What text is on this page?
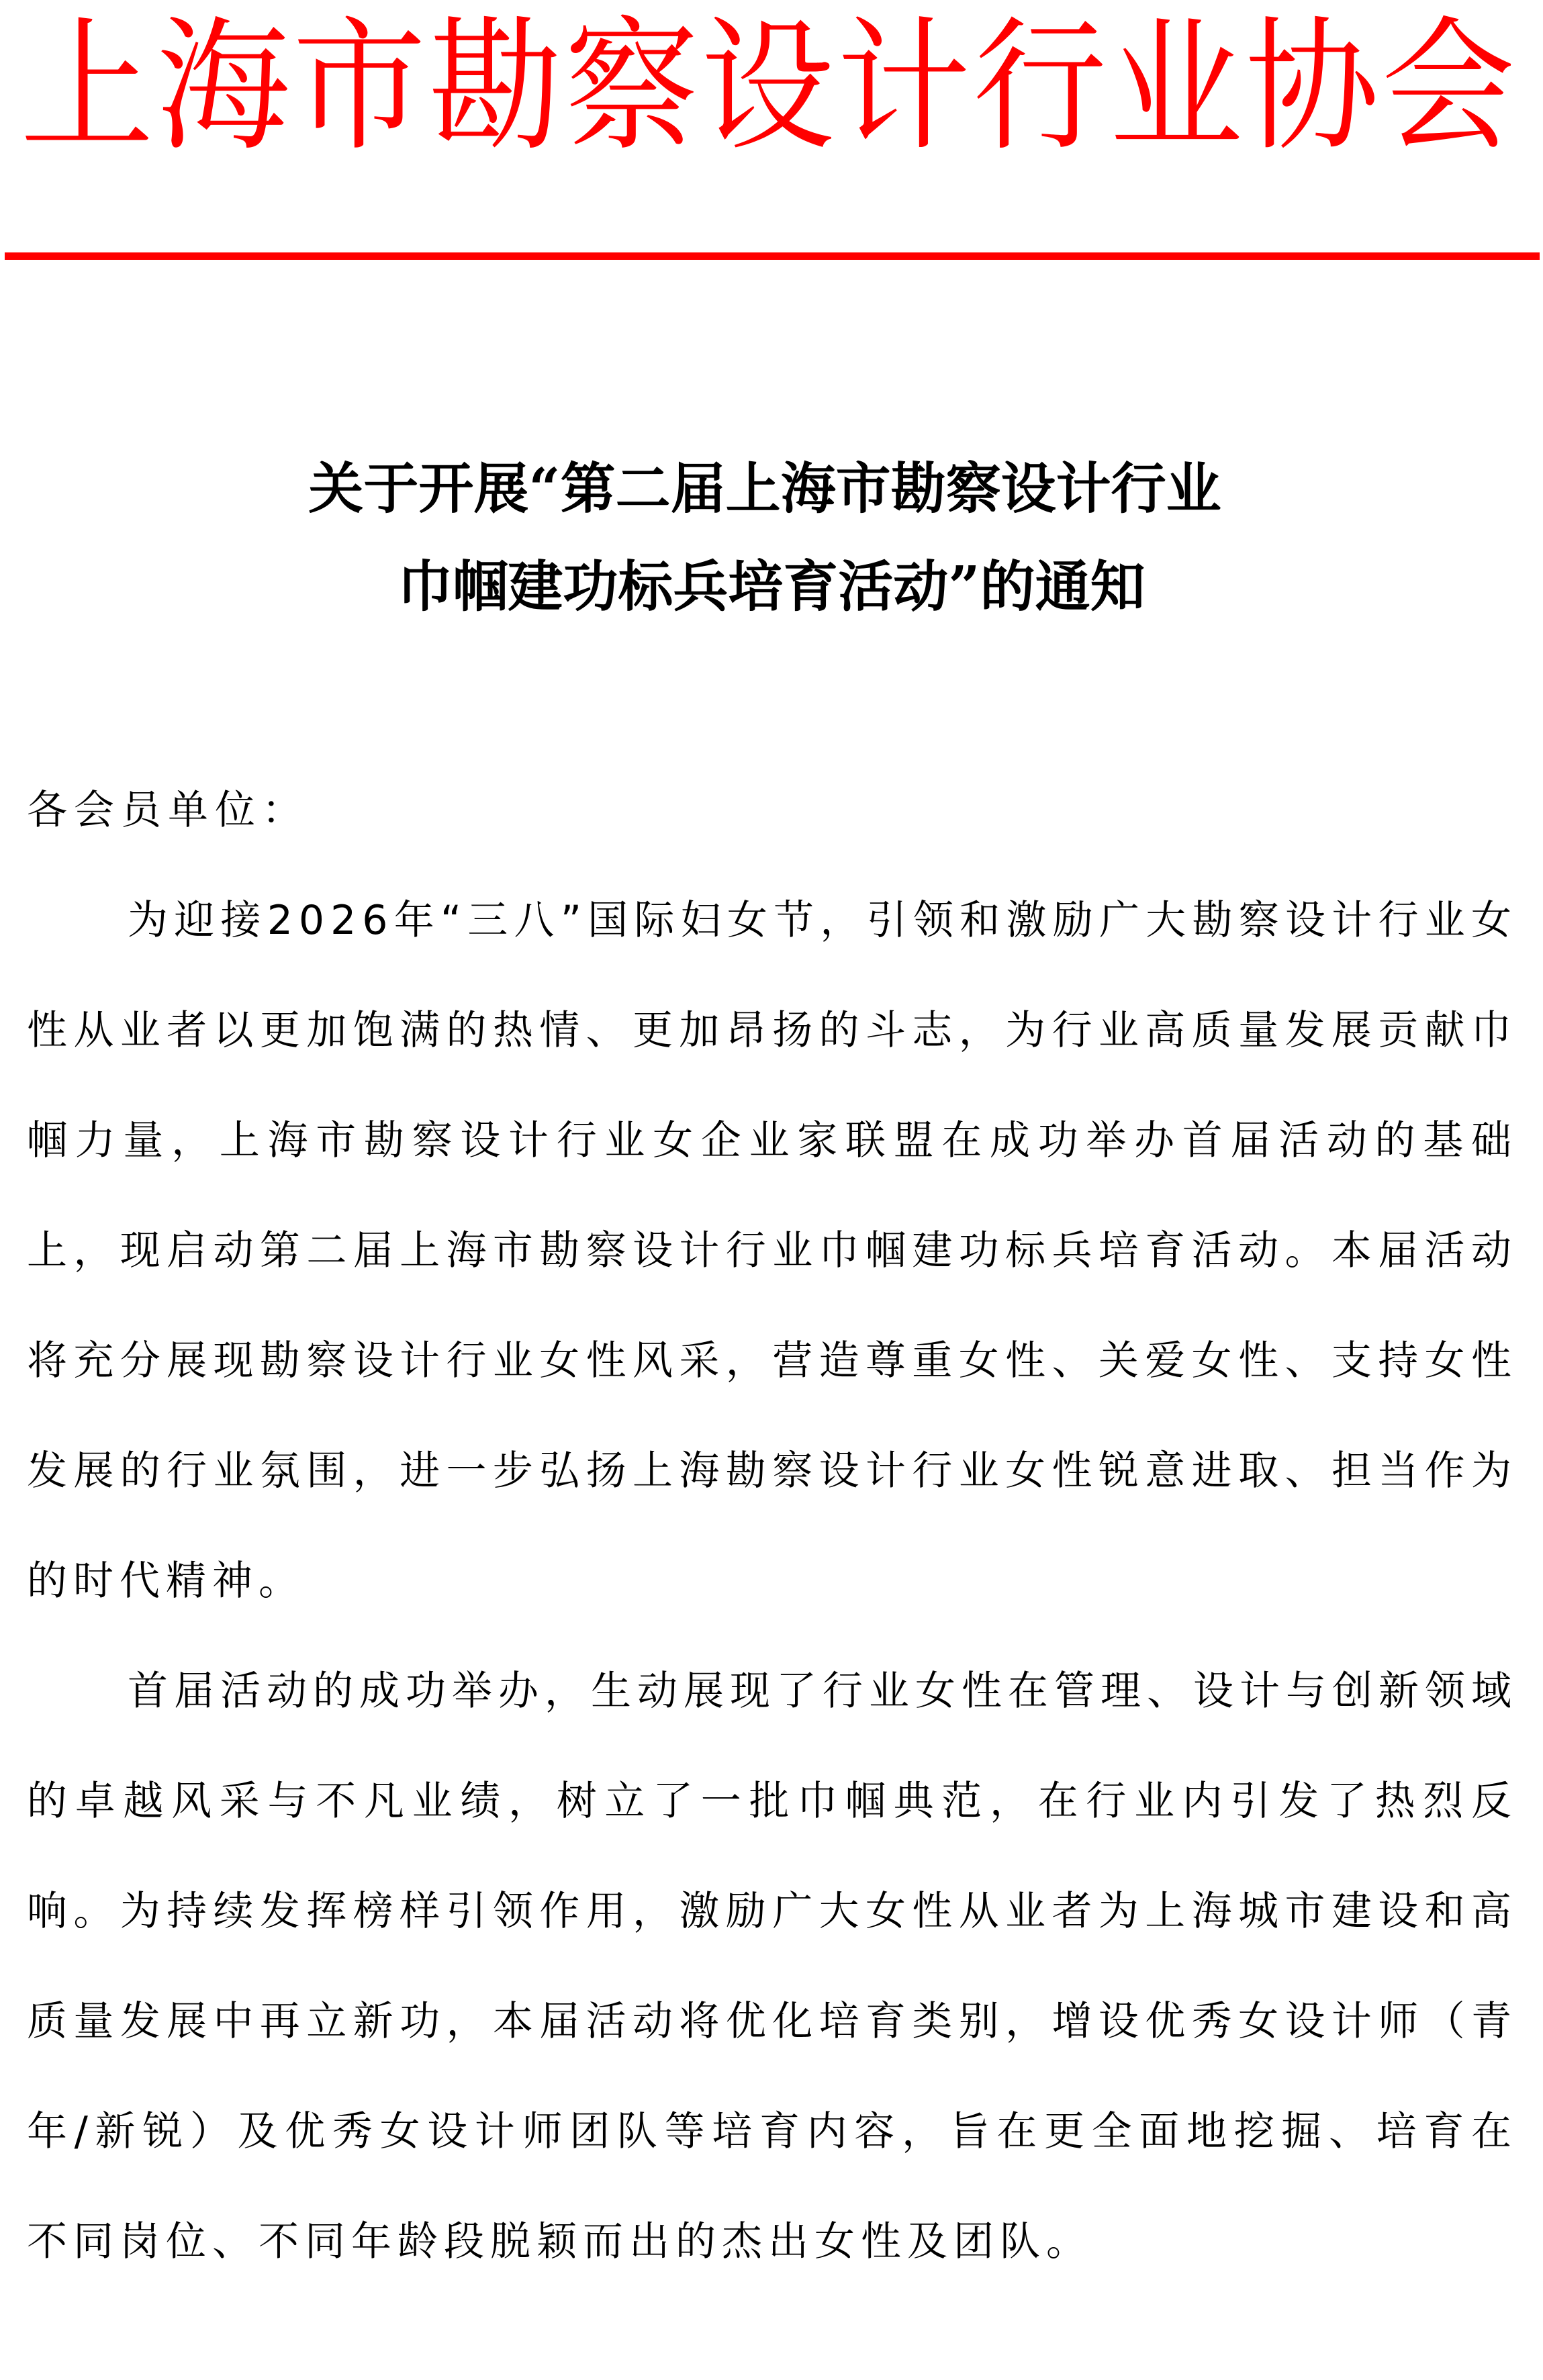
上海市勘察设计行业协会
关于开展“第二届上海市勘察设计行业
巾帼建功标兵培育活动”的通知
各会员单位：

为迎接2026年“三八”国际妇女节，引领和激励广大勘察设计行业女性从业者以更加饱满的热情、更加昂扬的斗志，为行业高质量发展贡献巾帼力量，上海市勘察设计行业女企业家联盟在成功举办首届活动的基础上，现启动第二届上海市勘察设计行业巾帼建功标兵培育活动。本届活动将充分展现勘察设计行业女性风采，营造尊重女性、关爱女性、支持女性发展的行业氛围，进一步弘扬上海勘察设计行业女性锐意进取、担当作为的时代精神。

首届活动的成功举办，生动展现了行业女性在管理、设计与创新领域的卓越风采与不凡业绩，树立了一批巾帼典范，在行业内引发了热烈反响。为持续发挥榜样引领作用，激励广大女性从业者为上海城市建设和高质量发展中再立新功，本届活动将优化培育类别，增设优秀女设计师（青年/新锐）及优秀女设计师团队等培育内容，旨在更全面地挖掘、培育在不同岗位、不同年龄段脱颖而出的杰出女性及团队。
